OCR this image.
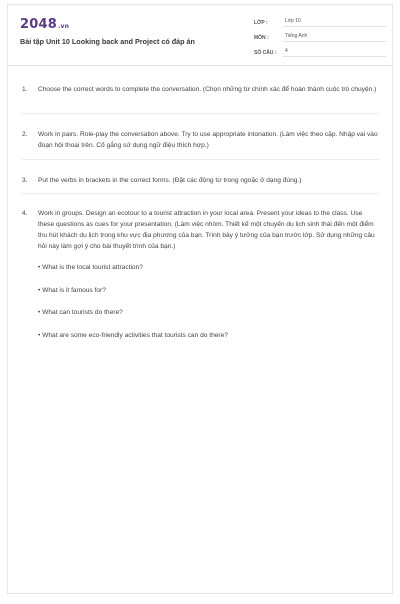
2048.vn
Bài tập Unit 10 Looking back and Project có đáp án
LỚP :	Lớp 10
MÔN :	Tiếng Anh
SỐ CÂU :	4
1.	Choose the correct words to complete the conversation. (Chọn những từ chính xác để hoàn thành cuộc trò chuyện.)
2.	Work in pairs. Role-play the conversation above. Try to use appropriate intonation. (Làm việc theo cặp. Nhập vai vào đoạn hội thoại trên. Cố gắng sử dụng ngữ điệu thích hợp.)
3.	Put the verbs in brackets in the correct forms. (Đặt các động từ trong ngoặc ở dạng đúng.)
4.	Work in groups. Design an ecotour to a tourist attraction in your local area. Present your ideas to the class. Use these questions as cues for your presentation. (Làm việc nhóm. Thiết kế một chuyến du lịch sinh thái đến một điểm thu hút khách du lịch trong khu vực địa phương của bạn. Trình bày ý tưởng của bạn trước lớp. Sử dụng những câu hỏi này làm gợi ý cho bài thuyết trình của bạn.)
• What is the local tourist attraction?
• What is it famous for?
• What can tourists do there?
• What are some eco-friendly activities that tourists can do there?
